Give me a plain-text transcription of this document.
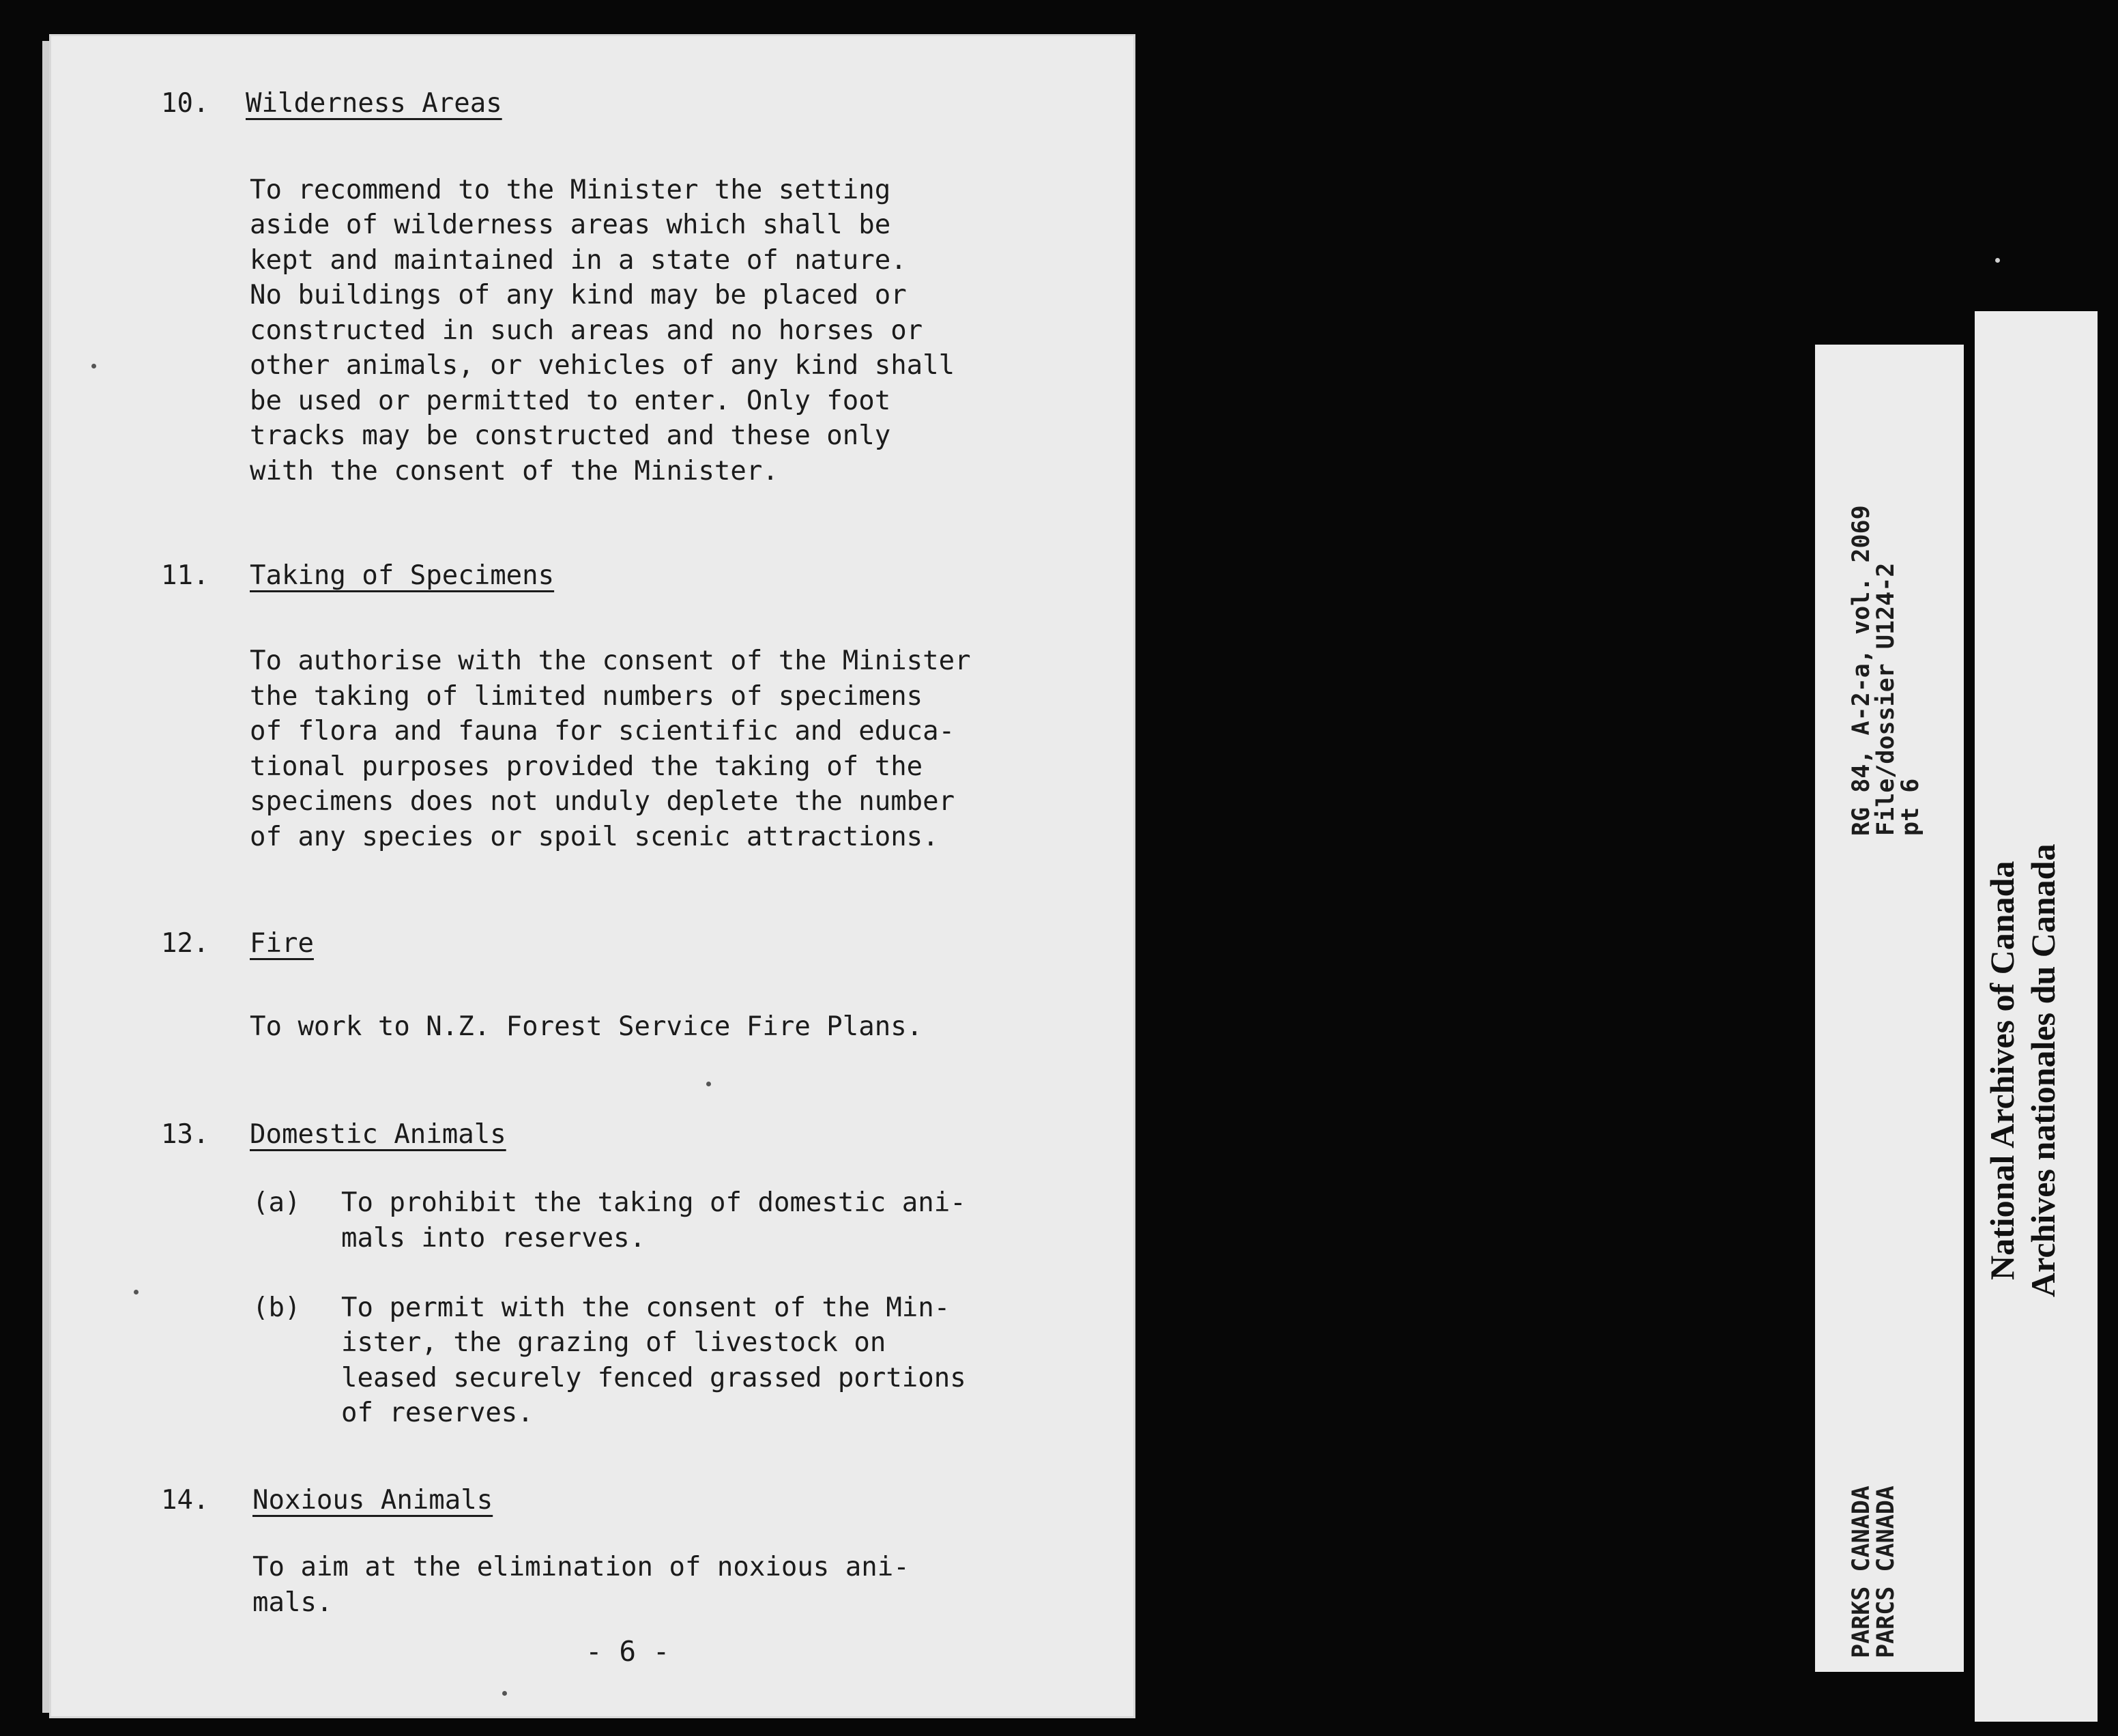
10. Wilderness Areas
To recommend to the Minister the setting
aside of wilderness areas which shall be
kept and maintained in a state of nature.
No buildings of any kind may be placed or
constructed in such areas and no horses or
other animals, or vehicles of any kind shall
be used or permitted to enter. Only foot
tracks may be constructed and these only
with the consent of the Minister.
11. Taking of Specimens
To authorise with the consent of the Minister
the taking of limited numbers of specimens
of flora and fauna for scientific and educa-
tional purposes provided the taking of the
specimens does not unduly deplete the number
of any species or spoil scenic attractions.
12. Fire
To work to N.Z. Forest Service Fire Plans.
13. Domestic Animals
(a) To prohibit the taking of domestic ani-
mals into reserves.
(b) To permit with the consent of the Min-
ister, the grazing of livestock on
leased securely fenced grassed portions
of reserves.
14. Noxious Animals
To aim at the elimination of noxious ani-
mals.
- 6 -
RG 84, A-2-a, vol. 2069
File/dossier U124-2
pt 6
PARKS CANADA
PARCS CANADA
National Archives of Canada Archives nationales du Canada
